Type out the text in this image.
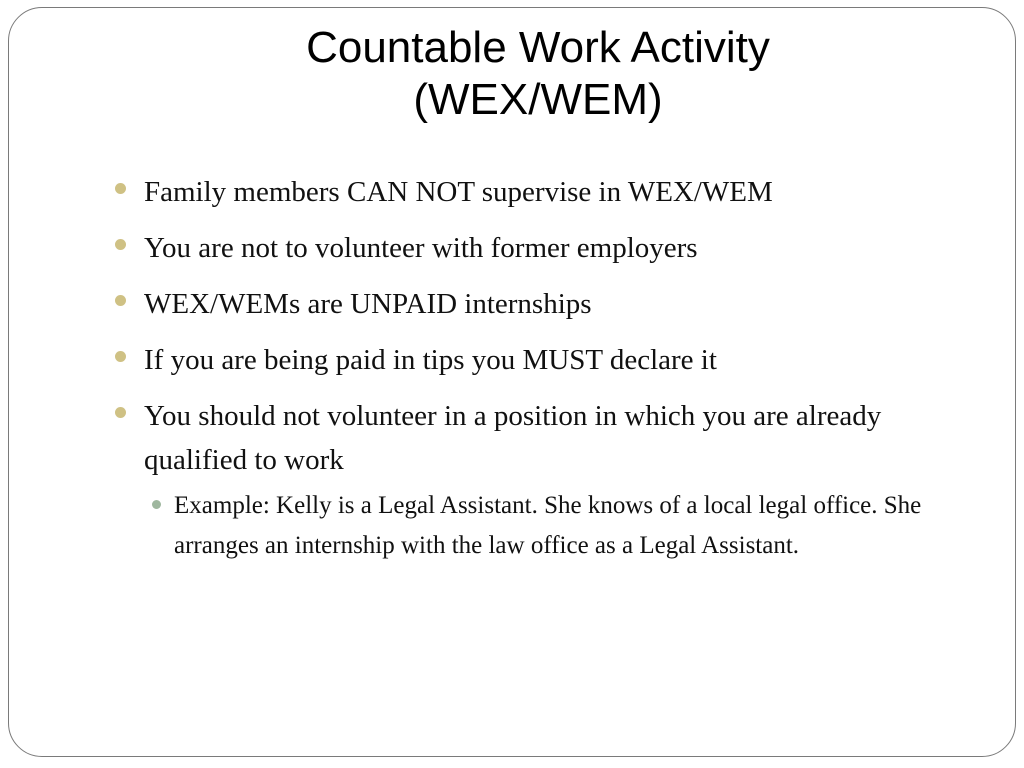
Countable Work Activity
(WEX/WEM)
Family members CAN NOT supervise in WEX/WEM
You are not to volunteer with former employers
WEX/WEMs are UNPAID internships
If you are being paid in tips you MUST declare it
You should not volunteer in a position in which you are already qualified to work
Example: Kelly is a Legal Assistant. She knows of a local legal office. She arranges an internship with the law office as a Legal Assistant.
